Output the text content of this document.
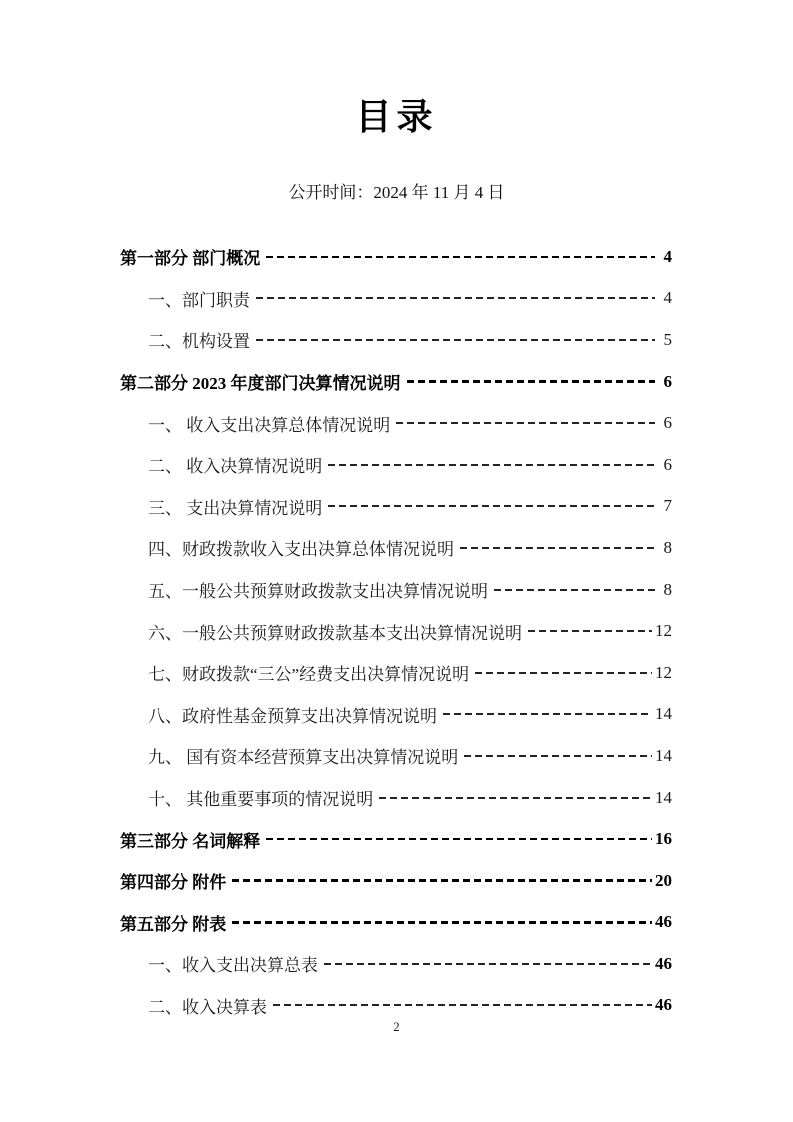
目录
公开时间：2024 年 11 月 4 日
第一部分 部门概况	4
一、部门职责	4
二、机构设置	5
第二部分 2023 年度部门决算情况说明	6
一、 收入支出决算总体情况说明	6
二、 收入决算情况说明	6
三、 支出决算情况说明	7
四、财政拨款收入支出决算总体情况说明	8
五、一般公共预算财政拨款支出决算情况说明	8
六、一般公共预算财政拨款基本支出决算情况说明	12
七、财政拨款“三公”经费支出决算情况说明	12
八、政府性基金预算支出决算情况说明	14
九、 国有资本经营预算支出决算情况说明	14
十、 其他重要事项的情况说明	14
第三部分 名词解释	16
第四部分 附件	20
第五部分 附表	46
一、收入支出决算总表	46
二、收入决算表	46
2
